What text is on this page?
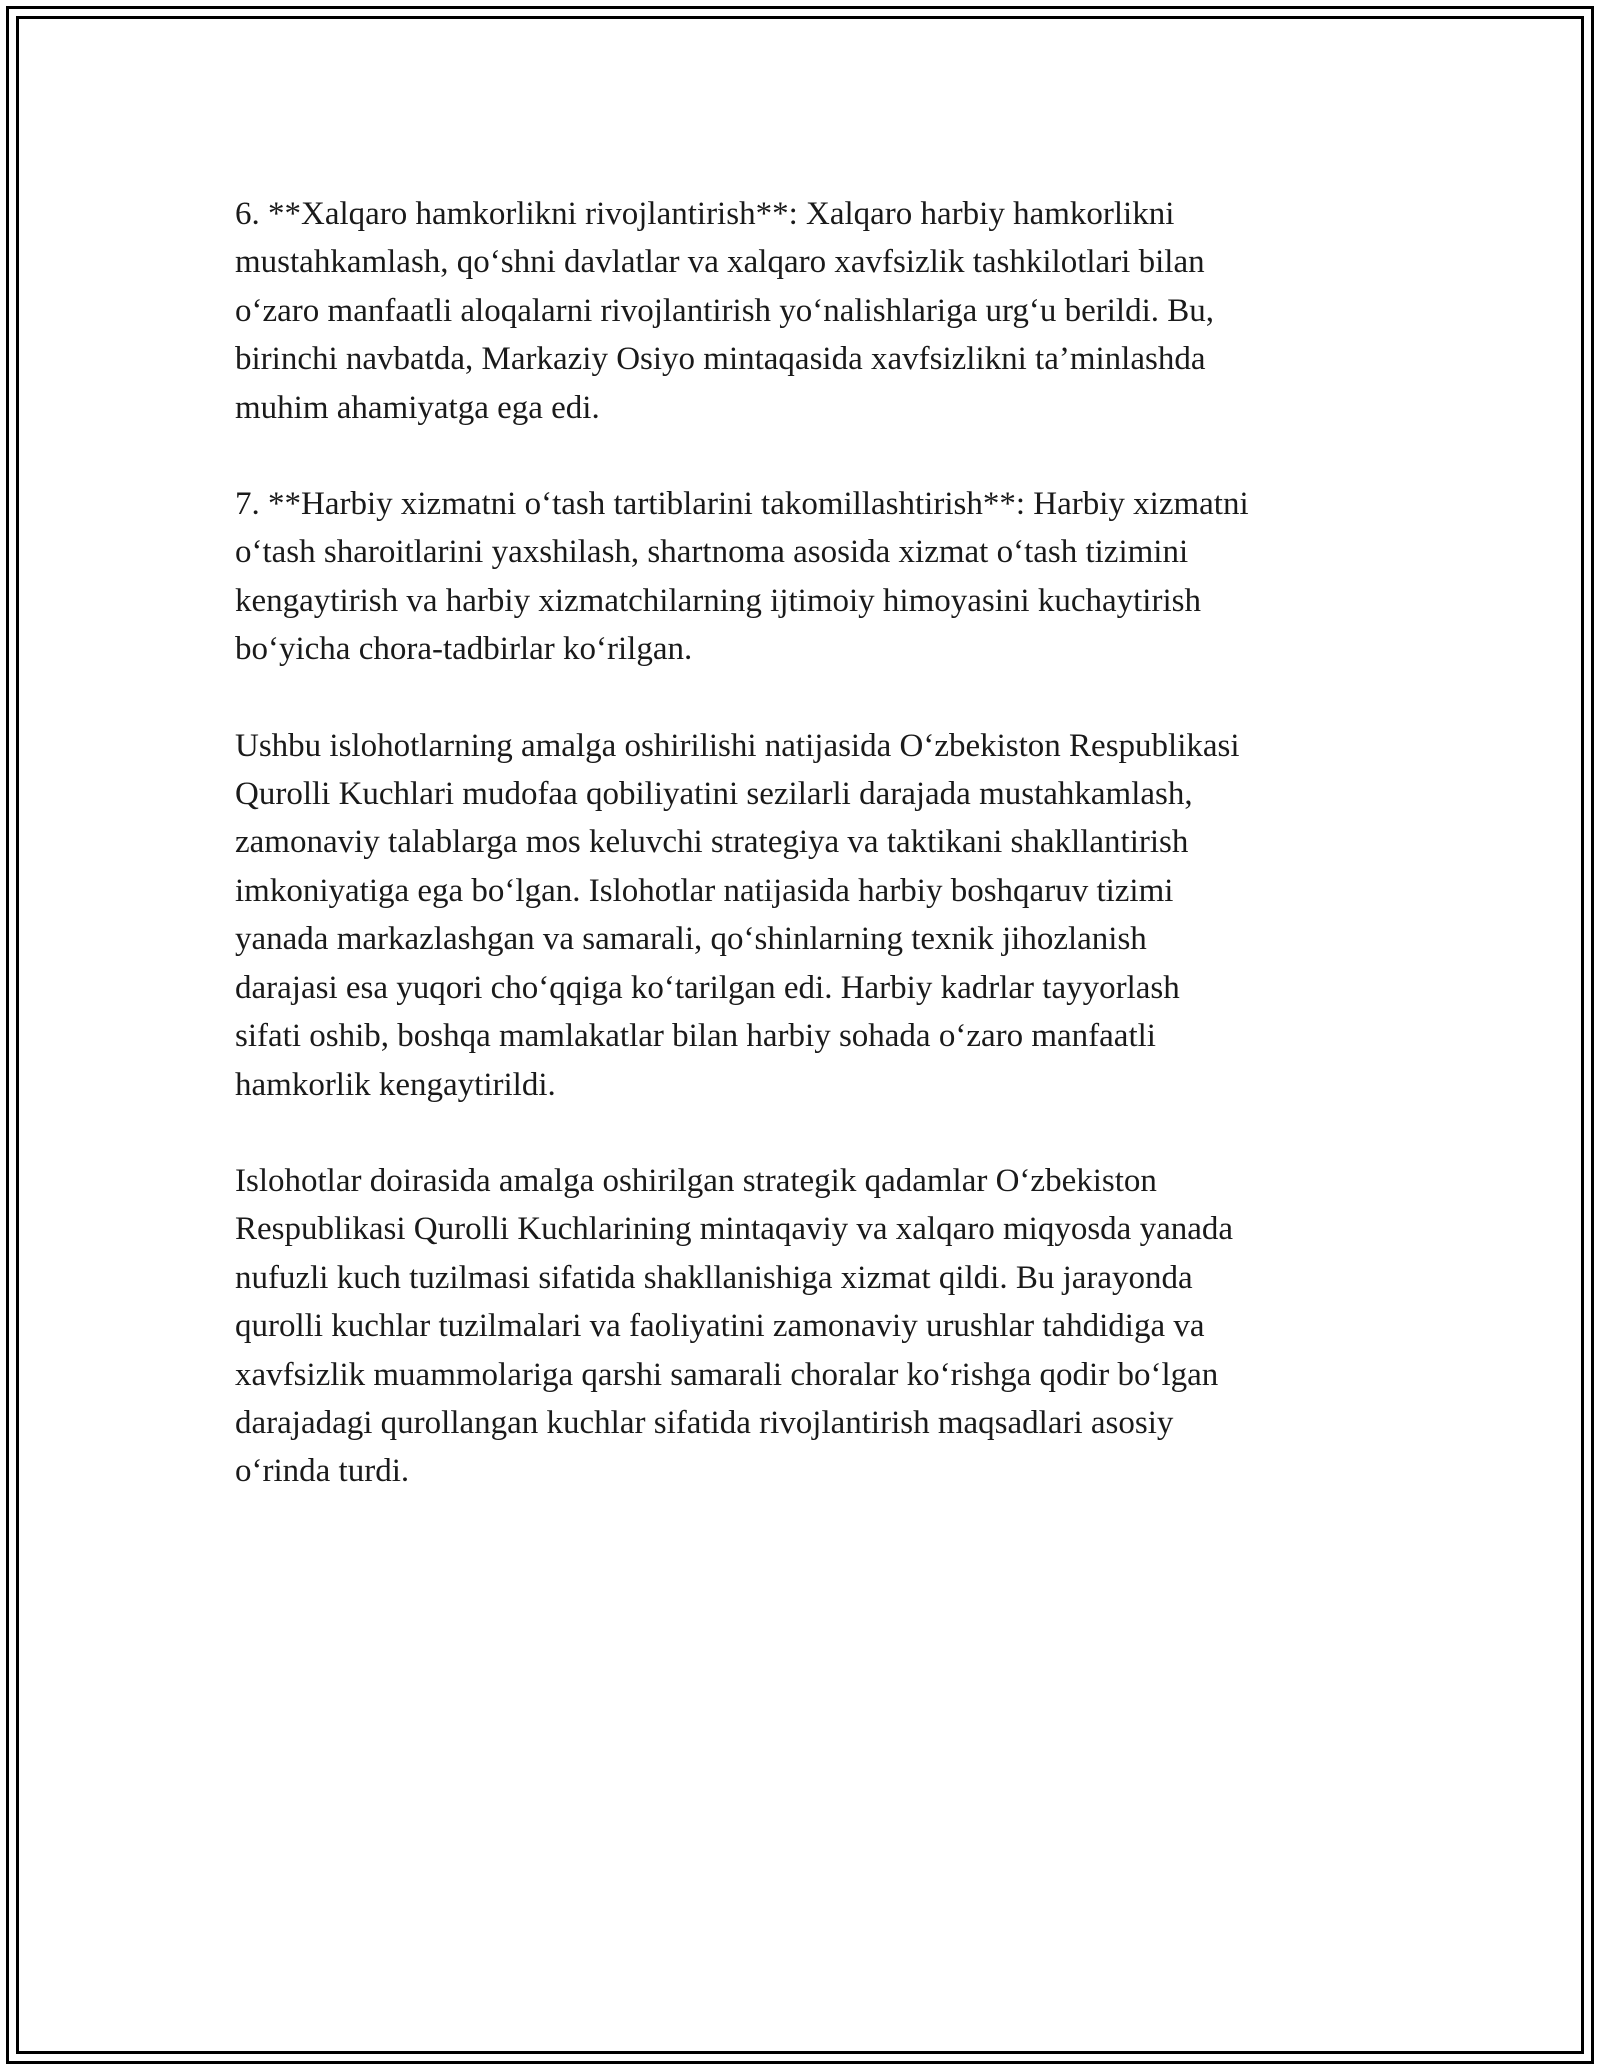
6. **Xalqaro hamkorlikni rivojlantirish**: Xalqaro harbiy hamkorlikni
mustahkamlash, qo‘shni davlatlar va xalqaro xavfsizlik tashkilotlari bilan
o‘zaro manfaatli aloqalarni rivojlantirish yo‘nalishlariga urg‘u berildi. Bu,
birinchi navbatda, Markaziy Osiyo mintaqasida xavfsizlikni ta’minlashda
muhim ahamiyatga ega edi.

7. **Harbiy xizmatni o‘tash tartiblarini takomillashtirish**: Harbiy xizmatni
o‘tash sharoitlarini yaxshilash, shartnoma asosida xizmat o‘tash tizimini
kengaytirish va harbiy xizmatchilarning ijtimoiy himoyasini kuchaytirish
bo‘yicha chora-tadbirlar ko‘rilgan.

Ushbu islohotlarning amalga oshirilishi natijasida O‘zbekiston Respublikasi
Qurolli Kuchlari mudofaa qobiliyatini sezilarli darajada mustahkamlash,
zamonaviy talablarga mos keluvchi strategiya va taktikani shakllantirish
imkoniyatiga ega bo‘lgan. Islohotlar natijasida harbiy boshqaruv tizimi
yanada markazlashgan va samarali, qo‘shinlarning texnik jihozlanish
darajasi esa yuqori cho‘qqiga ko‘tarilgan edi. Harbiy kadrlar tayyorlash
sifati oshib, boshqa mamlakatlar bilan harbiy sohada o‘zaro manfaatli
hamkorlik kengaytirildi.

Islohotlar doirasida amalga oshirilgan strategik qadamlar O‘zbekiston
Respublikasi Qurolli Kuchlarining mintaqaviy va xalqaro miqyosda yanada
nufuzli kuch tuzilmasi sifatida shakllanishiga xizmat qildi. Bu jarayonda
qurolli kuchlar tuzilmalari va faoliyatini zamonaviy urushlar tahdidiga va
xavfsizlik muammolariga qarshi samarali choralar ko‘rishga qodir bo‘lgan
darajadagi qurollangan kuchlar sifatida rivojlantirish maqsadlari asosiy
o‘rinda turdi.
